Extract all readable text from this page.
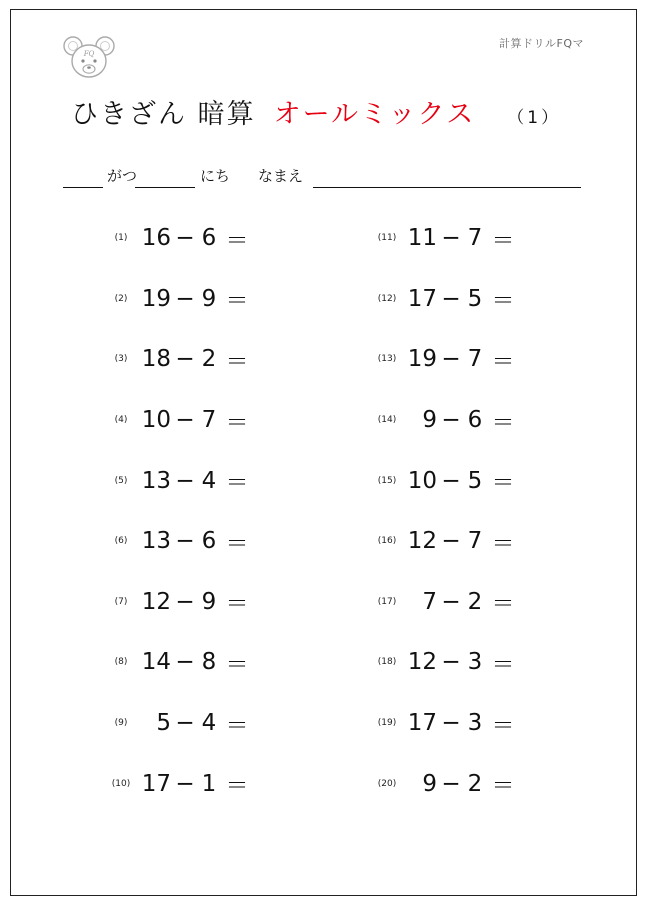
FQ
計算ドリルFQマ
ひきざん 暗算 オールミックス （1）
がつ	にち なまえ
(1) 16 − 6 ＝
(2) 19 − 9 ＝
(3) 18 − 2 ＝
(4) 10 − 7 ＝
(5) 13 − 4 ＝
(6) 13 − 6 ＝
(7) 12 − 9 ＝
(8) 14 − 8 ＝
(9)	5 − 4 ＝
(10) 17 − 1 ＝
(11) 11 − 7 ＝
(12) 17 − 5 ＝
(13) 19 − 7 ＝
(14)	9 − 6 ＝
(15) 10 − 5 ＝
(16) 12 − 7 ＝
(17)	7 − 2 ＝
(18) 12 − 3 ＝
(19) 17 − 3 ＝
(20)	9 − 2 ＝
